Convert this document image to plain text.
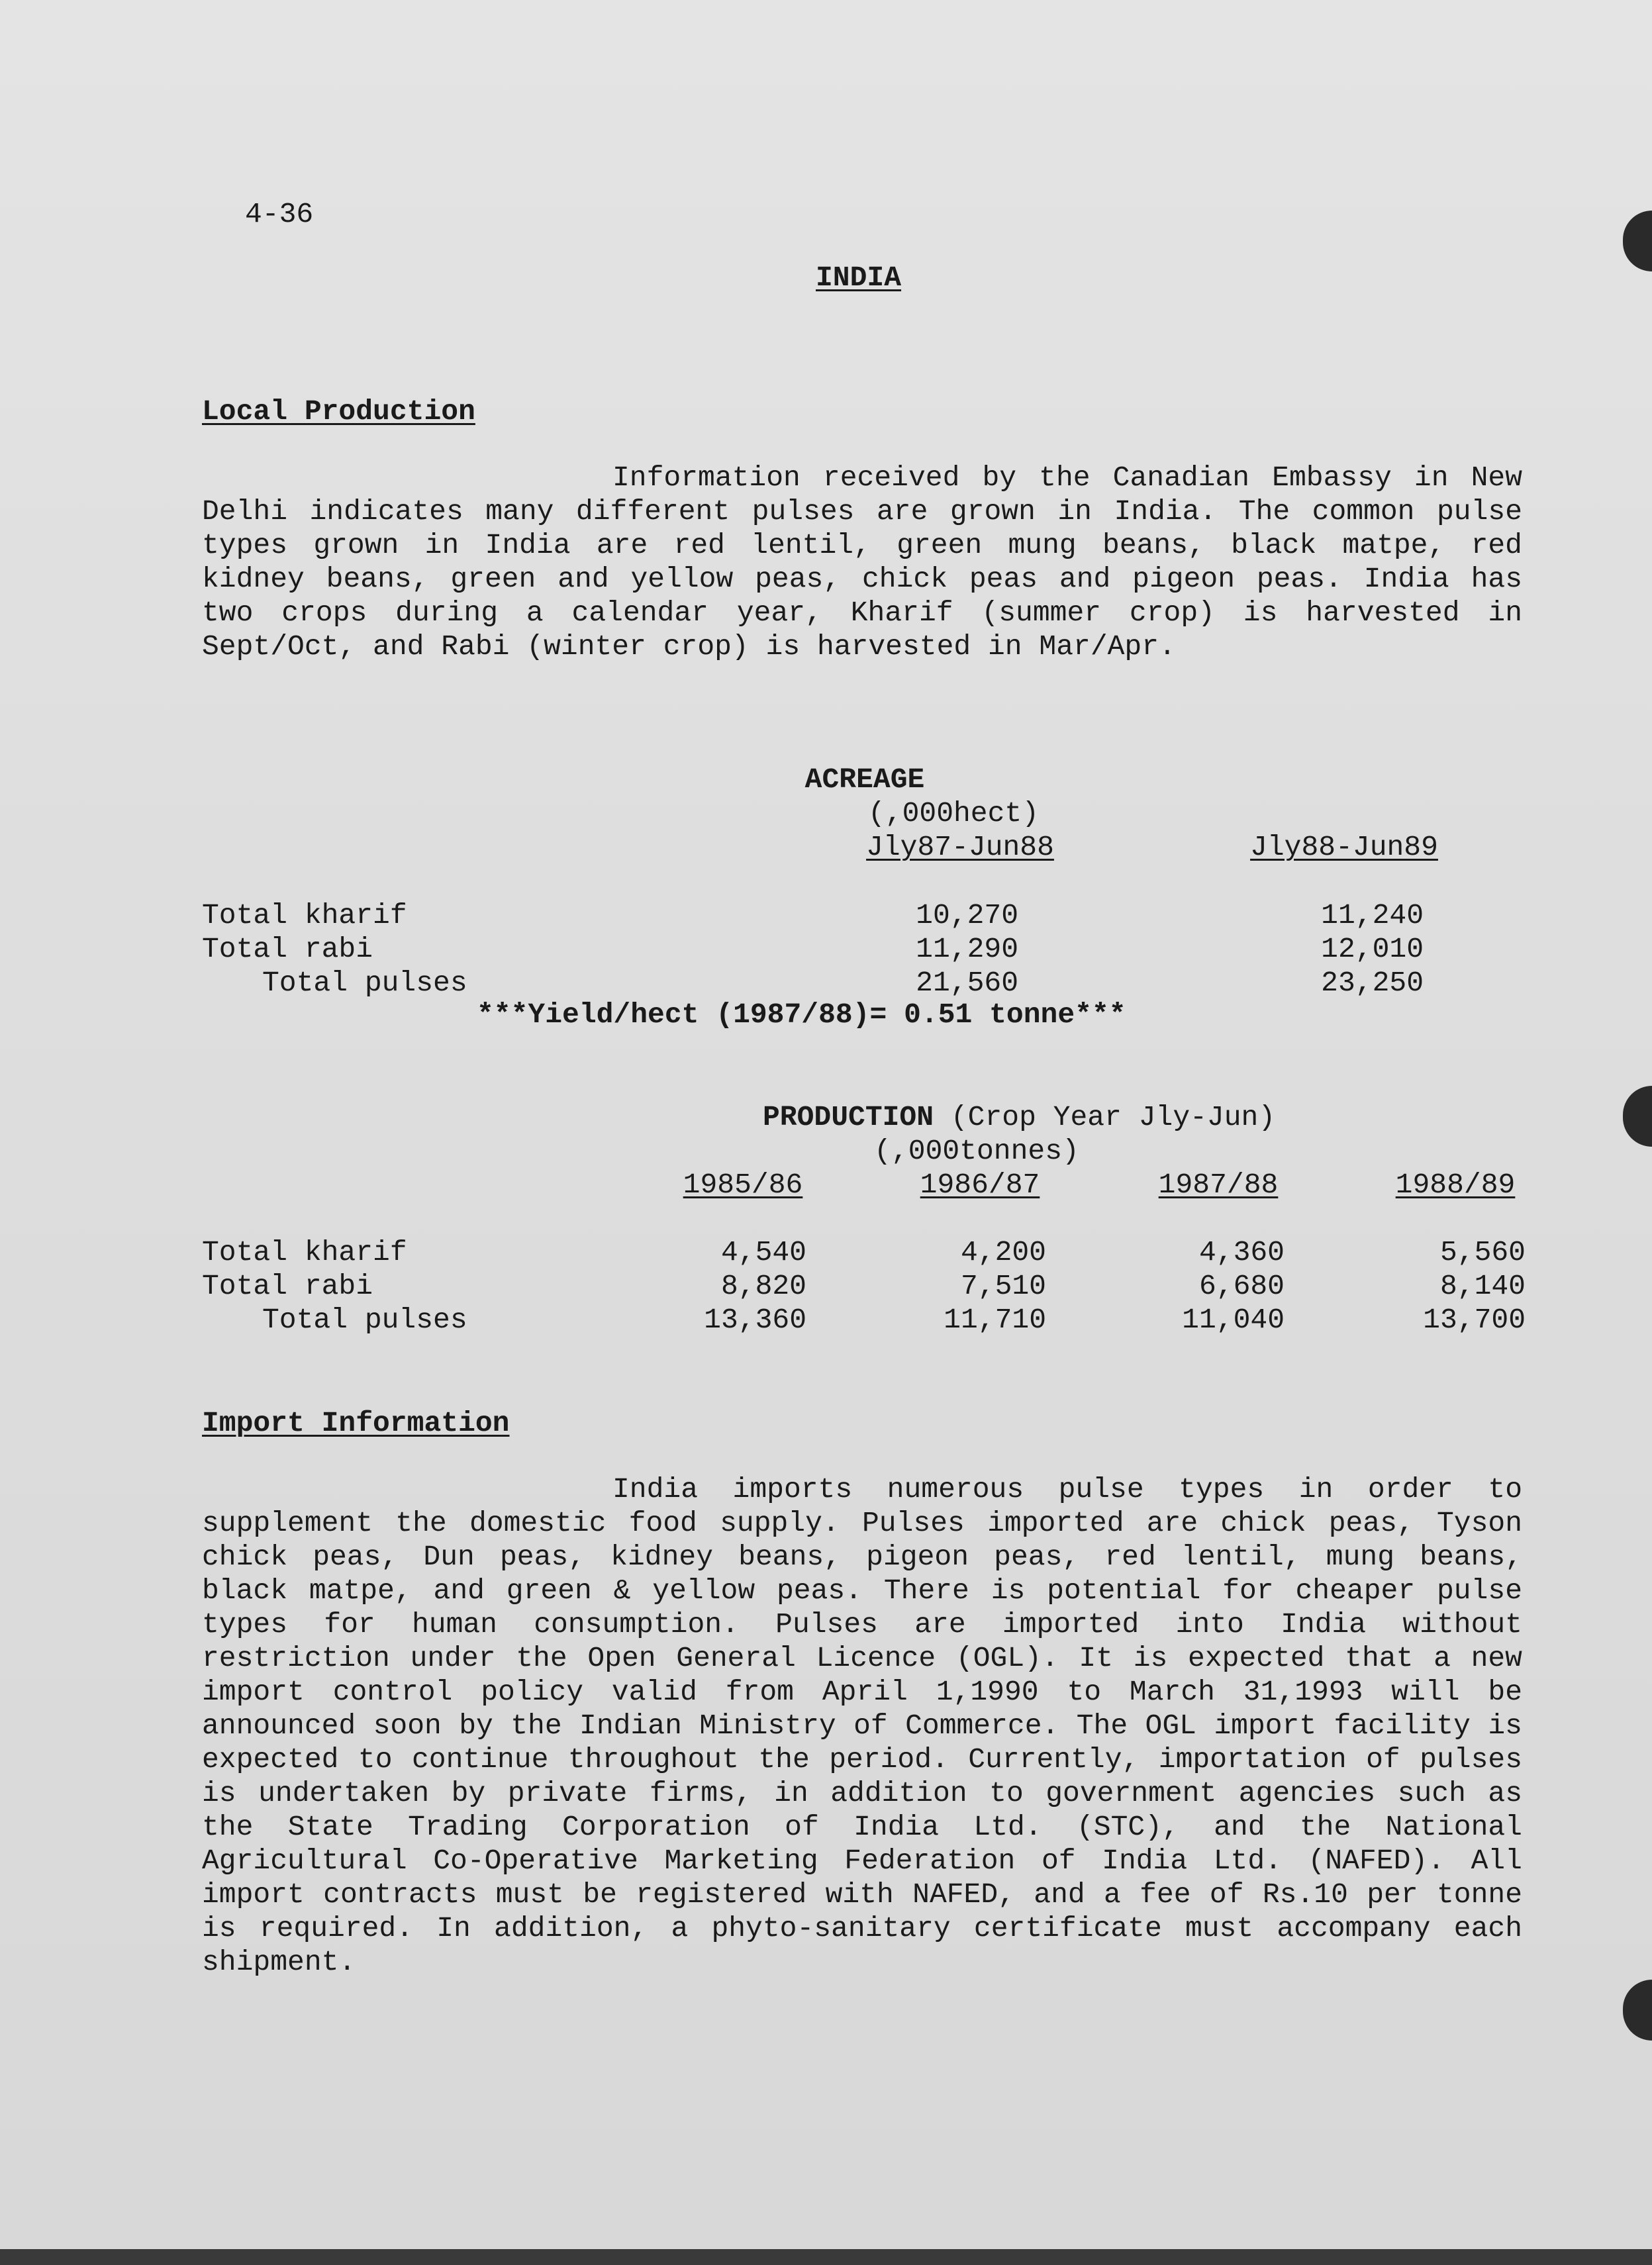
4-36
INDIA
Local Production
Information received by the Canadian Embassy in New Delhi indicates many different pulses are grown in India. The common pulse types grown in India are red lentil, green mung beans, black matpe, red kidney beans, green and yellow peas, chick peas and pigeon peas. India has two crops during a calendar year, Kharif (summer crop) is harvested in Sept/Oct, and Rabi (winter crop) is harvested in Mar/Apr.
ACREAGE
(,000hect)
Jly87-Jun88	Jly88-Jun89
Total kharif	10,270	11,240
Total rabi	11,290	12,010
Total pulses	21,560	23,250
***Yield/hect (1987/88)= 0.51 tonne***
PRODUCTION (Crop Year Jly-Jun)
(,000tonnes)
1985/86	1986/87	1987/88	1988/89
Total kharif	4,540	4,200	4,360	5,560
Total rabi	8,820	7,510	6,680	8,140
Total pulses	13,360	11,710	11,040	13,700
Import Information
India imports numerous pulse types in order to supplement the domestic food supply. Pulses imported are chick peas, Tyson chick peas, Dun peas, kidney beans, pigeon peas, red lentil, mung beans, black matpe, and green & yellow peas. There is potential for cheaper pulse types for human consumption. Pulses are imported into India without restriction under the Open General Licence (OGL). It is expected that a new import control policy valid from April 1,1990 to March 31,1993 will be announced soon by the Indian Ministry of Commerce. The OGL import facility is expected to continue throughout the period. Currently, importation of pulses is undertaken by private firms, in addition to government agencies such as the State Trading Corporation of India Ltd. (STC), and the National Agricultural Co-Operative Marketing Federation of India Ltd. (NAFED). All import contracts must be registered with NAFED, and a fee of Rs.10 per tonne is required. In addition, a phyto-sanitary certificate must accompany each shipment.
